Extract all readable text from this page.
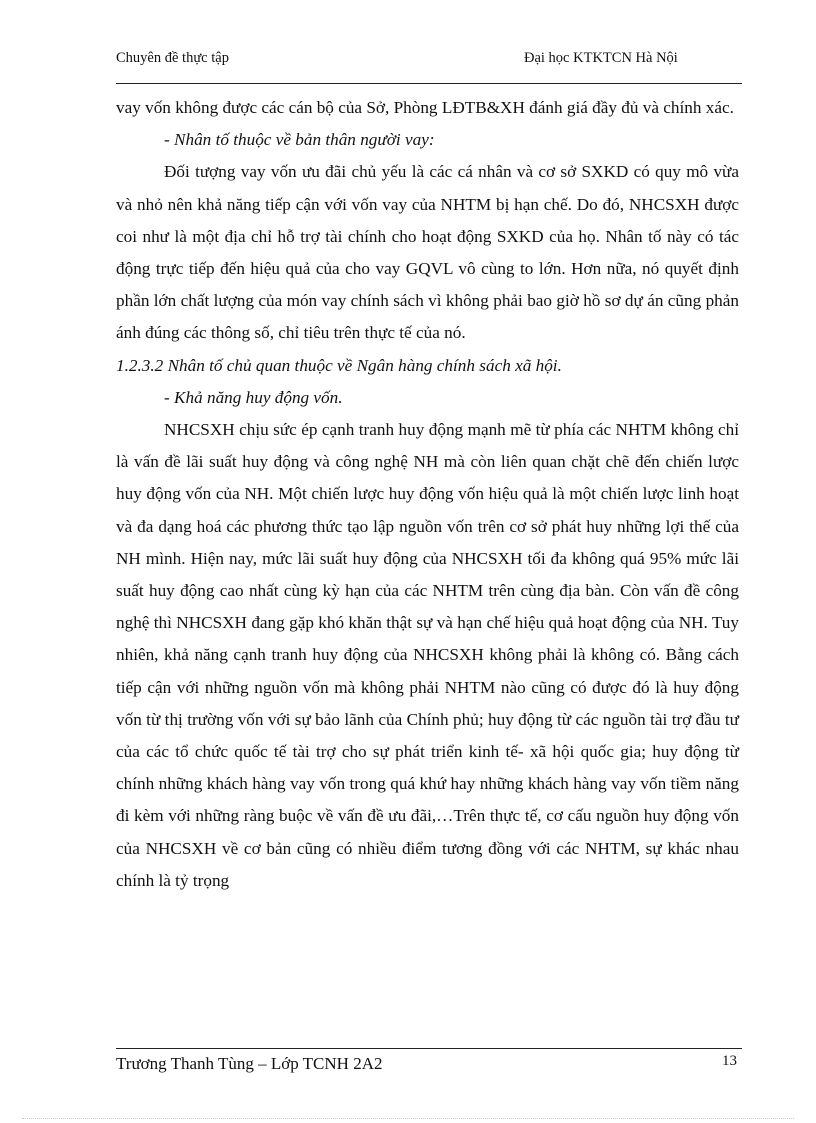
Chuyên đề thực tập	Đại học KTKTCN Hà Nội

vay vốn không được các cán bộ của Sở, Phòng LĐTB&XH đánh giá đầy đủ và chính xác.

- Nhân tố thuộc về bản thân người vay:

Đối tượng vay vốn ưu đãi chủ yếu là các cá nhân và cơ sở SXKD có quy mô vừa và nhỏ nên khả năng tiếp cận với vốn vay của NHTM bị hạn chế. Do đó, NHCSXH được coi như là một địa chỉ hỗ trợ tài chính cho hoạt động SXKD của họ. Nhân tố này có tác động trực tiếp đến hiệu quả của cho vay GQVL vô cùng to lớn. Hơn nữa, nó quyết định phần lớn chất lượng của món vay chính sách vì không phải bao giờ hồ sơ dự án cũng phản ánh đúng các thông số, chỉ tiêu trên thực tế của nó.

1.2.3.2 Nhân tố chủ quan thuộc về Ngân hàng chính sách xã hội.

- Khả năng huy động vốn.

NHCSXH chịu sức ép cạnh tranh huy động mạnh mẽ từ phía các NHTM không chỉ là vấn đề lãi suất huy động và công nghệ NH mà còn liên quan chặt chẽ đến chiến lược huy động vốn của NH. Một chiến lược huy động vốn hiệu quả là một chiến lược linh hoạt và đa dạng hoá các phương thức tạo lập nguồn vốn trên cơ sở phát huy những lợi thế của NH mình. Hiện nay, mức lãi suất huy động của NHCSXH tối đa không quá 95% mức lãi suất huy động cao nhất cùng kỳ hạn của các NHTM trên cùng địa bàn. Còn vấn đề công nghệ thì NHCSXH đang gặp khó khăn thật sự và hạn chế hiệu quả hoạt động của NH. Tuy nhiên, khả năng cạnh tranh huy động của NHCSXH không phải là không có. Bằng cách tiếp cận với những nguồn vốn mà không phải NHTM nào cũng có được đó là huy động vốn từ thị trường vốn với sự bảo lãnh của Chính phủ; huy động từ các nguồn tài trợ đầu tư của các tổ chức quốc tế tài trợ cho sự phát triển kinh tế- xã hội quốc gia; huy động từ chính những khách hàng vay vốn trong quá khứ hay những khách hàng vay vốn tiềm năng đi kèm với những ràng buộc về vấn đề ưu đãi,…Trên thực tế, cơ cấu nguồn huy động vốn của NHCSXH về cơ bản cũng có nhiều điểm tương đồng với các NHTM, sự khác nhau chính là tỷ trọng

Trương Thanh Tùng – Lớp TCNH 2A2	13
